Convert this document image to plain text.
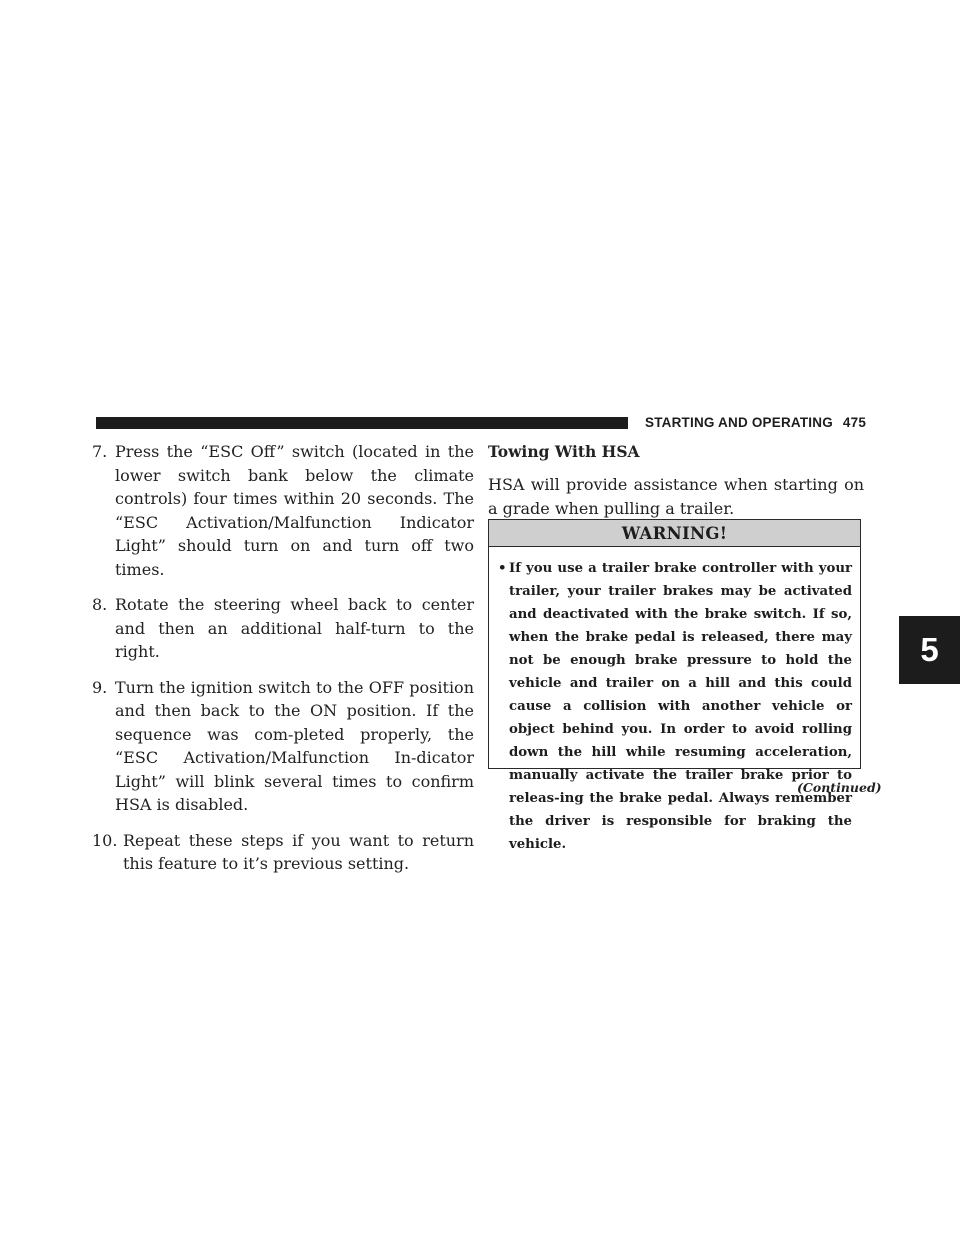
STARTING AND OPERATING 475
5
7. Press the “ESC Off” switch (located in the lower switch bank below the climate controls) four times within 20 seconds. The “ESC Activation/Malfunction Indicator Light” should turn on and turn off two times.
8. Rotate the steering wheel back to center and then an additional half-turn to the right.
9. Turn the ignition switch to the OFF position and then back to the ON position. If the sequence was com-pleted properly, the “ESC Activation/Malfunction In-dicator Light” will blink several times to confirm HSA is disabled.
10. Repeat these steps if you want to return this feature to it’s previous setting.
Towing With HSA

HSA will provide assistance when starting on a grade when pulling a trailer.

WARNING!
• If you use a trailer brake controller with your trailer, your trailer brakes may be activated and deactivated with the brake switch. If so, when the brake pedal is released, there may not be enough brake pressure to hold the vehicle and trailer on a hill and this could cause a collision with another vehicle or object behind you. In order to avoid rolling down the hill while resuming acceleration, manually activate the trailer brake prior to releas-ing the brake pedal. Always remember the driver is responsible for braking the vehicle.
(Continued)
